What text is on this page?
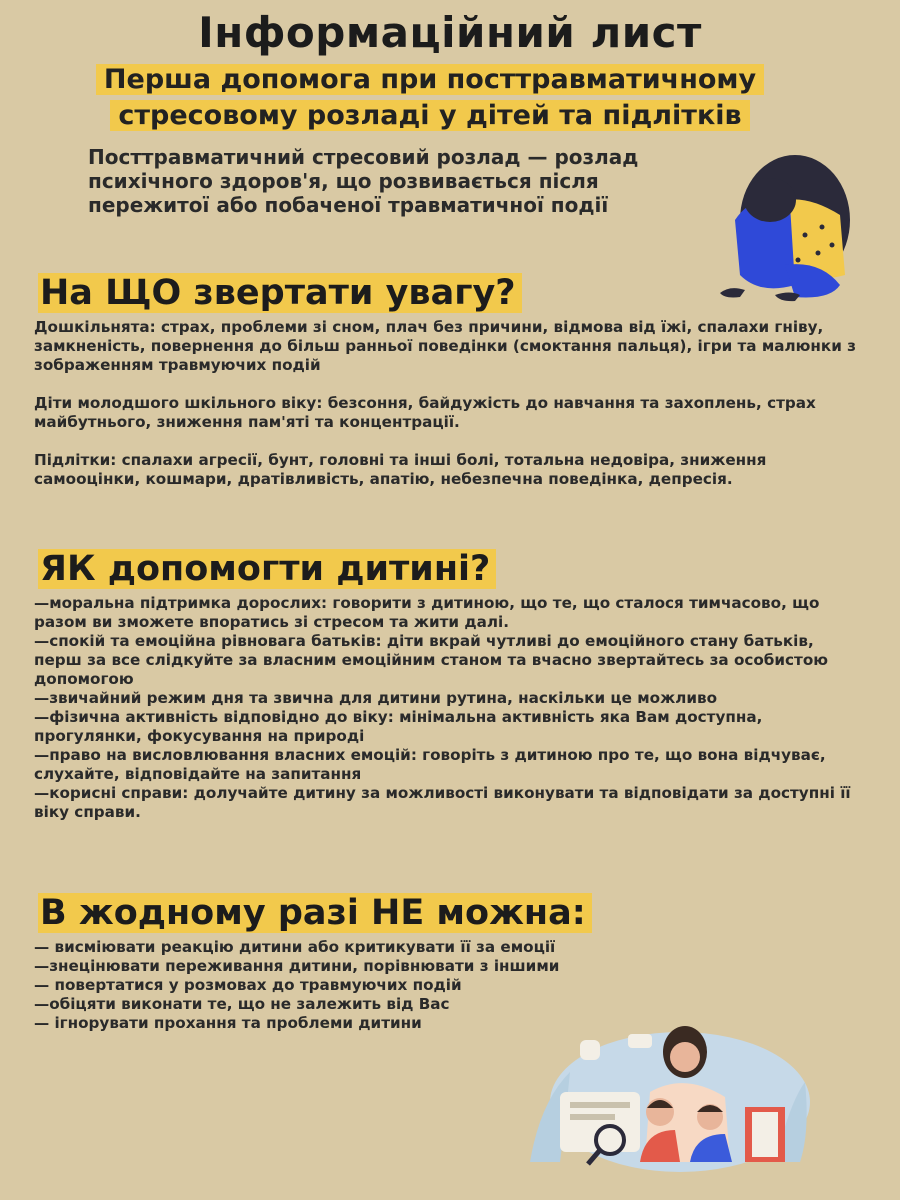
Інформаційний лист
Перша допомога при посттравматичному стресовому розладі у дітей та підлітків
Посттравматичний стресовий розлад — розлад психічного здоров'я, що розвивається після пережитої або побаченої травматичної події
На ЩО звертати увагу?

Дошкільнята: страх, проблеми зі сном, плач без причини, відмова від їжі, спалахи гніву, замкненість, повернення до більш ранньої поведінки (смоктання пальця), ігри та малюнки з зображенням травмуючих подій

Діти молодшого шкільного віку: безсоння, байдужість до навчання та захоплень, страх майбутнього, зниження пам'яті та концентрації.

Підлітки: спалахи агресії, бунт, головні та інші болі, тотальна недовіра, зниження самооцінки, кошмари, дратівливість, апатію, небезпечна поведінка, депресія.

ЯК допомогти дитині?

—моральна підтримка дорослих: говорити з дитиною, що те, що сталося тимчасово, що разом ви зможете впоратись зі стресом та жити далі.

—спокій та емоційна рівновага батьків: діти вкрай чутливі до емоційного стану батьків, перш за все слідкуйте за власним емоційним станом та вчасно звертайтесь за особистою допомогою

—звичайний режим дня та звична для дитини рутина, наскільки це можливо

—фізична активність відповідно до віку: мінімальна активність яка Вам доступна, прогулянки, фокусування на природі

—право на висловлювання власних емоцій: говоріть з дитиною про те, що вона відчуває, слухайте, відповідайте на запитання

—корисні справи: долучайте дитину за можливості виконувати та відповідати за доступні її віку справи.

В жодному разі НЕ можна:

— висміювати реакцію дитини або критикувати її за емоції

—знецінювати переживання дитини, порівнювати з іншими

— повертатися у розмовах до травмуючих подій

—обіцяти виконати те, що не залежить від Вас

— ігнорувати прохання та проблеми дитини
